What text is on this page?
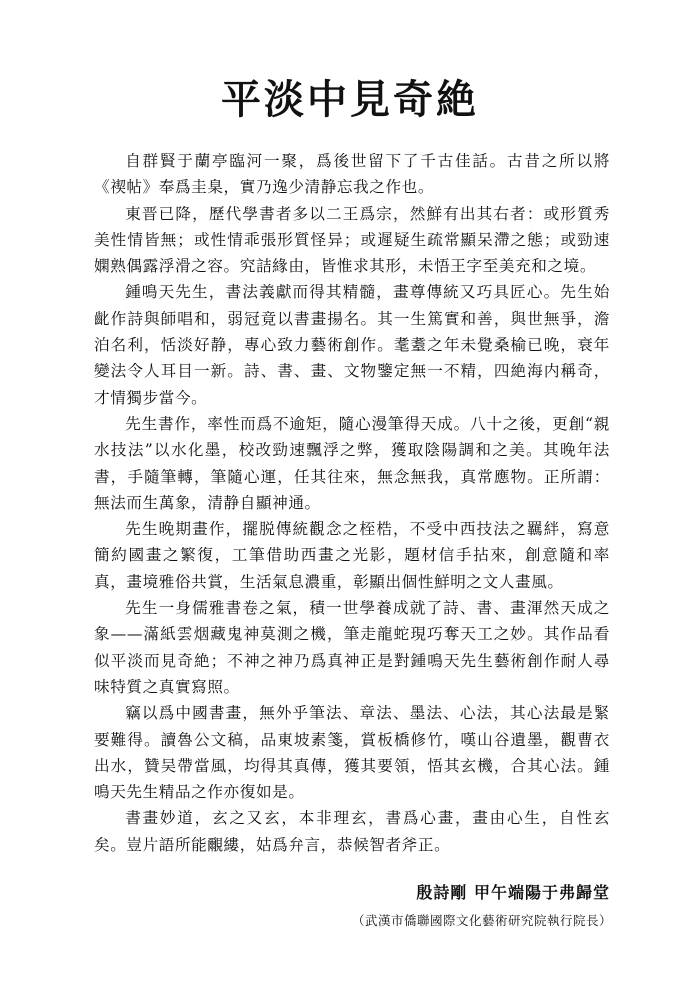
平淡中見奇絶

自群賢于蘭亭臨河一聚，爲後世留下了千古佳話。古昔之所以將《禊帖》奉爲圭臬，實乃逸少清静忘我之作也。

東晋已降，歷代學書者多以二王爲宗，然鮮有出其右者：或形質秀美性情皆無；或性情乖張形質怪异；或遲疑生疏常顯呆滯之態；或勁速嫻熟偶露浮滑之容。究詰緣由，皆惟求其形，未悟王字至美充和之境。

鍾鳴天先生，書法義獻而得其精髓，畫尊傳統又巧具匠心。先生始齔作詩與師唱和，弱冠竟以書畫揚名。其一生篤實和善，與世無爭，澹泊名利，恬淡好静，專心致力藝術創作。耄耋之年未覺桑榆已晚，衰年變法令人耳目一新。詩、書、畫、文物鑒定無一不精，四絶海内稱奇，才情獨步當今。

先生書作，率性而爲不逾矩，隨心漫筆得天成。八十之後，更創“親水技法”以水化墨，校改勁速飄浮之弊，獲取陰陽調和之美。其晚年法書，手隨筆轉，筆隨心運，任其往來，無念無我，真常應物。正所謂：無法而生萬象，清静自顯神通。

先生晚期畫作，擺脱傳統觀念之桎梏，不受中西技法之羈絆，寫意簡約國畫之繁復，工筆借助西畫之光影，題材信手拈來，創意隨和率真，畫境雅俗共賞，生活氣息濃重，彰顯出個性鮮明之文人畫風。

先生一身儒雅書卷之氣，積一世學養成就了詩、書、畫渾然天成之象——滿紙雲烟藏鬼神莫測之機，筆走龍蛇現巧奪天工之妙。其作品看似平淡而見奇絶；不神之神乃爲真神正是對鍾鳴天先生藝術創作耐人尋味特質之真實寫照。

竊以爲中國書畫，無外乎筆法、章法、墨法、心法，其心法最是緊要難得。讀魯公文稿，品東坡素箋，賞板橋修竹，嘆山谷遺墨，觀曹衣出水，贊吴帶當風，均得其真傳，獲其要領，悟其玄機，合其心法。鍾鳴天先生精品之作亦復如是。

書畫妙道，玄之又玄，本非理玄，書爲心畫，畫由心生，自性玄矣。豈片語所能覼縷，姑爲弁言，恭候智者斧正。

殷詩剛 甲午端陽于弗歸堂
（武漢市僑聯國際文化藝術研究院執行院長）
